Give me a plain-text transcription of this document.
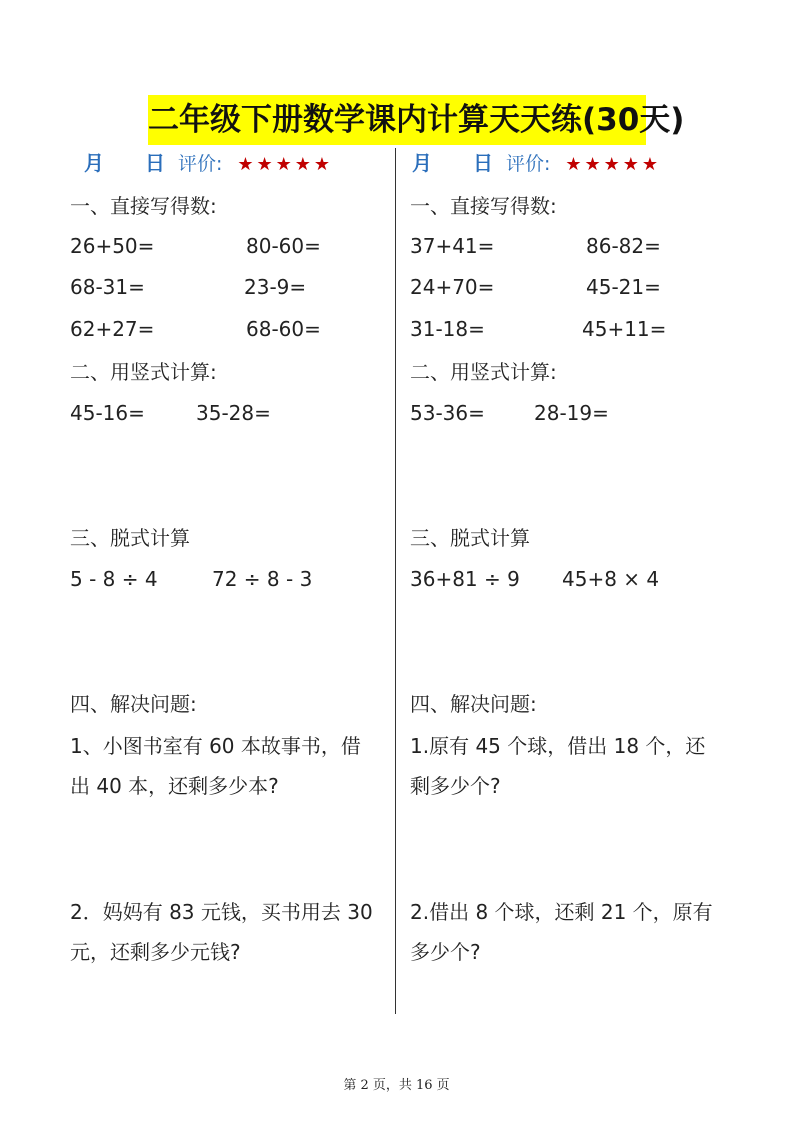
二年级下册数学课内计算天天练(30天)
月 日 评价: ★★★★★
一、直接写得数:
26+50=	80-60=
68-31=	23-9=
62+27=	68-60=
二、用竖式计算:
45-16=	35-28=
三、脱式计算
5 - 8 ÷ 4	72 ÷ 8 - 3
四、解决问题:
1、小图书室有 60 本故事书，借出 40 本，还剩多少本?
2．妈妈有 83 元钱，买书用去 30 元，还剩多少元钱?
月 日 评价: ★★★★★
一、直接写得数:
37+41=	86-82=
24+70=	45-21=
31-18=	45+11=
二、用竖式计算:
53-36= 28-19=
三、脱式计算
36+81 ÷ 9 45+8 × 4
四、解决问题:
1.原有 45 个球，借出 18 个，还剩多少个?
2.借出 8 个球，还剩 21 个，原有多少个?
第 2 页，共 16 页
